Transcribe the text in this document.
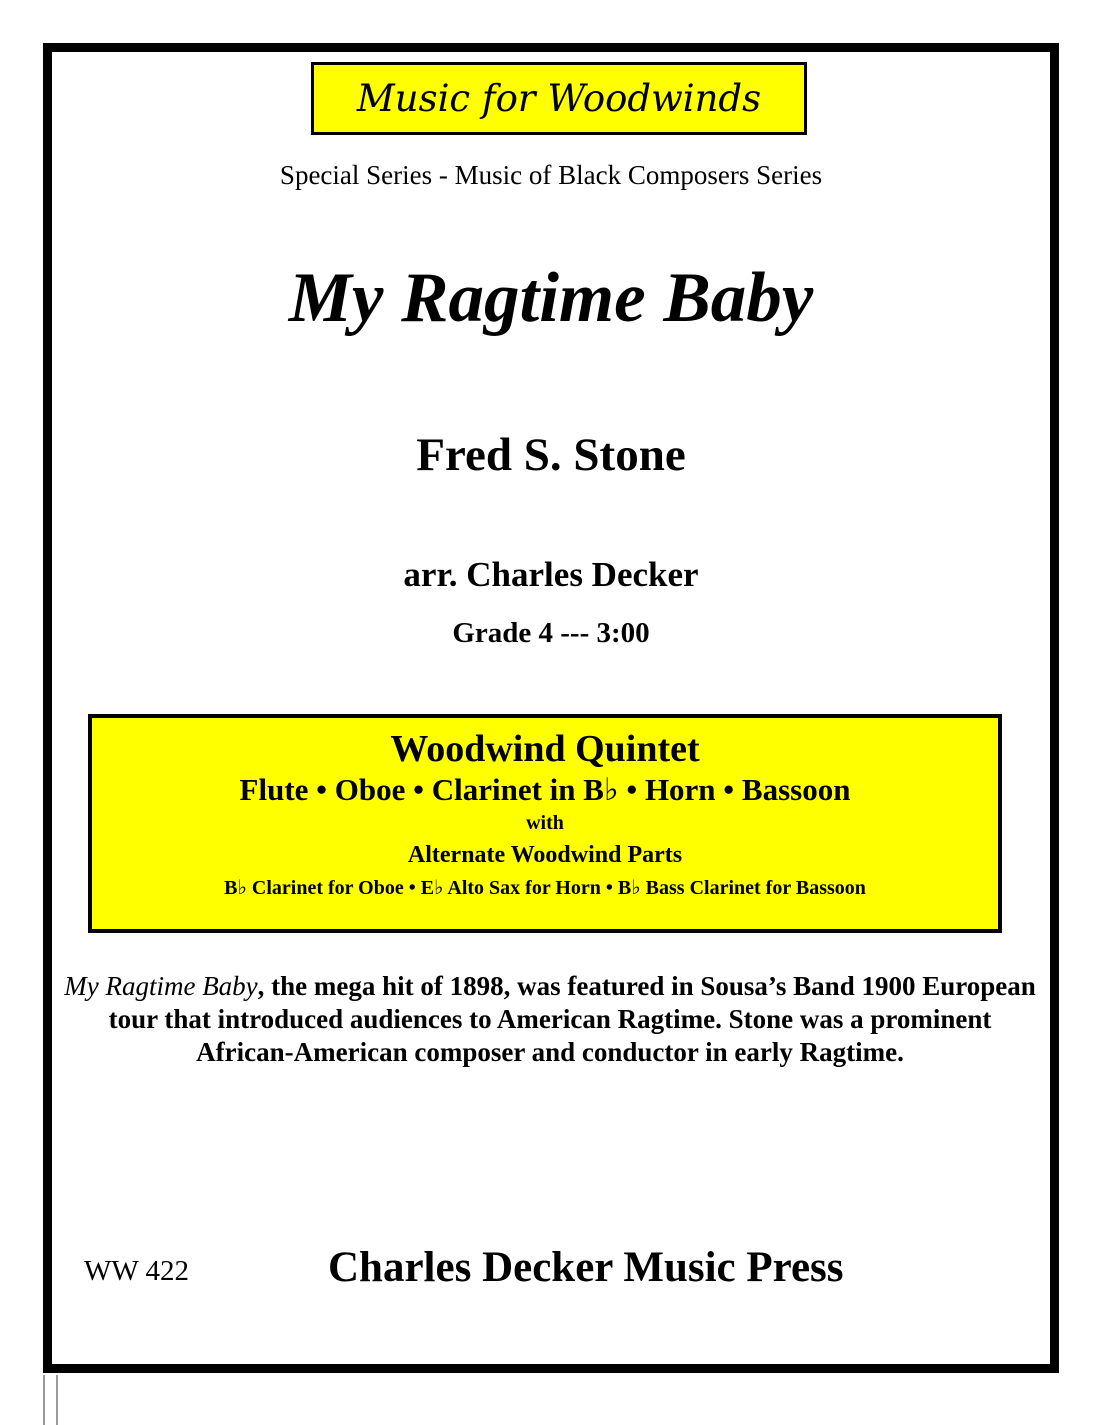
Music for Woodwinds
Special Series - Music of Black Composers Series
My Ragtime Baby
Fred S. Stone
arr. Charles Decker
Grade 4 --- 3:00
Woodwind Quintet
Flute • Oboe • Clarinet in B♭ • Horn • Bassoon
with
Alternate Woodwind Parts
B♭ Clarinet for Oboe • E♭ Alto Sax for Horn • B♭ Bass Clarinet for Bassoon
My Ragtime Baby, the mega hit of 1898, was featured in Sousa’s Band 1900 European tour that introduced audiences to American Ragtime. Stone was a prominent African-American composer and conductor in early Ragtime.
WW 422	Charles Decker Music Press
